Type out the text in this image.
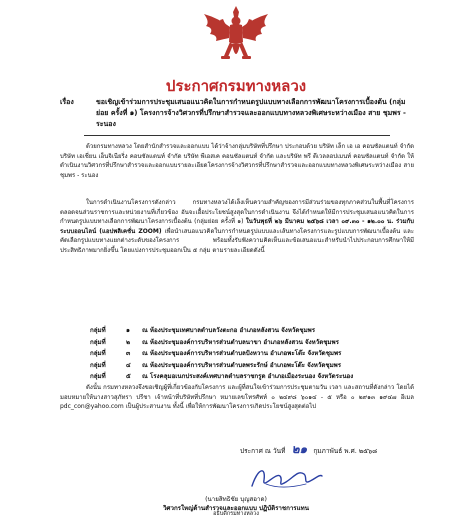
ประกาศกรมทางหลวง
เรื่อง	ขอเชิญเข้าร่วมการประชุมเสนอแนวคิดในการกำหนดรูปแบบทางเลือกการพัฒนาโครงการเบื้องต้น (กลุ่มย่อย ครั้งที่ ๑) โครงการจ้างวิศวกรที่ปรึกษาสำรวจและออกแบบทางหลวงพิเศษระหว่างเมือง สาย ชุมพร - ระนอง

ด้วยกรมทางหลวง โดยสำนักสำรวจและออกแบบ ได้ว่าจ้างกลุ่มบริษัทที่ปรึกษา ประกอบด้วย บริษัท เล็ก เอ เอ คอนซัลแตนท์ จำกัด บริษัท เอเชี่ยน เอ็นจิเนียริ่ง คอนซัลแตนท์ จำกัด บริษัท พีเอสเค คอนซัลแตนท์ จำกัด และบริษัท พรี ดีเวลลอปเมนท์ คอนซัลแตนท์ จำกัด ให้ดำเนินงานวิศวกรที่ปรึกษาสำรวจและออกแบบรายละเอียดโครงการจ้างวิศวกรที่ปรึกษาสำรวจและออกแบบทางหลวงพิเศษระหว่างเมือง สาย ชุมพร - ระนอง

ในการดำเนินงานโครงการดังกล่าว กรมทางหลวงได้เล็งเห็นความสำคัญของการมีส่วนร่วมของทุกภาคส่วนในพื้นที่โครงการ ตลอดจนส่วนราชการและหน่วยงานที่เกี่ยวข้อง อันจะเอื้อประโยชน์สูงสุดในการดำเนินงาน จึงได้กำหนดให้มีการประชุมเสนอแนวคิดในการกำหนดรูปแบบทางเลือกการพัฒนาโครงการเบื้องต้น (กลุ่มย่อย ครั้งที่ ๑) ในวันพุธที่ ๒๖ มีนาคม ๒๕๖๘ เวลา ๐๙.๓๐ - ๑๒.๐๐ น. ร่วมกับระบบออนไลน์ (แอปพลิเคชั่น ZOOM) เพื่อนำเสนอแนวคิดในการกำหนดรูปแบบและเส้นทางโครงการและรูปแบบการพัฒนาเบื้องต้น และคัดเลือกรูปแบบทางแยกต่างระดับของโครงการ พร้อมทั้งรับฟังความคิดเห็นและข้อเสนอแนะสำหรับนำไปประกอบการศึกษาให้มีประสิทธิภาพมากยิ่งขึ้น โดยแบ่งการประชุมออกเป็น ๕ กลุ่ม ตามรายละเอียดดังนี้

กลุ่มที่	๑ ณ ห้องประชุมเทศบาลตำบลวังตะกอ อำเภอหลังสวน จังหวัดชุมพร
กลุ่มที่	๒ ณ ห้องประชุมองค์การบริหารส่วนตำบลนาขา อำเภอหลังสวน จังหวัดชุมพร
กลุ่มที่	๓ ณ ห้องประชุมองค์การบริหารส่วนตำบลปังหวาน อำเภอพะโต๊ะ จังหวัดชุมพร
กลุ่มที่	๔ ณ ห้องประชุมองค์การบริหารส่วนตำบลพระรักษ์ อำเภอพะโต๊ะ จังหวัดชุมพร
กลุ่มที่	๕ ณ โรงคลุมอเนกประสงค์เทศบาลตำบลราชกรูด อำเภอเมืองระนอง จังหวัดระนอง

ดังนั้น กรมทางหลวงจึงขอเชิญผู้ที่เกี่ยวข้องกับโครงการ และผู้ที่สนใจเข้าร่วมการประชุมตามวัน เวลา และสถานที่ดังกล่าว โดยได้มอบหมายให้นางสาวสุภัทรา ปรีชา เจ้าหน้าที่บริษัทที่ปรึกษา หมายเลขโทรศัพท์ ๐ ๒๔๙๘ ๖๐๑๔ - ๕ หรือ ๐ ๒๙๑๓ ๑๙๔๗ อีเมล pdc_con@yahoo.com เป็นผู้ประสานงาน ทั้งนี้ เพื่อให้การพัฒนาโครงการเกิดประโยชน์สูงสุดต่อไป

ประกาศ ณ วันที่ ๒๑ กุมภาพันธ์ พ.ศ. ๒๕๖๘
(นายสิทธิชัย บุญสอาด)
วิศวกรใหญ่ด้านสำรวจและออกแบบ ปฏิบัติราชการแทน
อธิบดีกรมทางหลวง
